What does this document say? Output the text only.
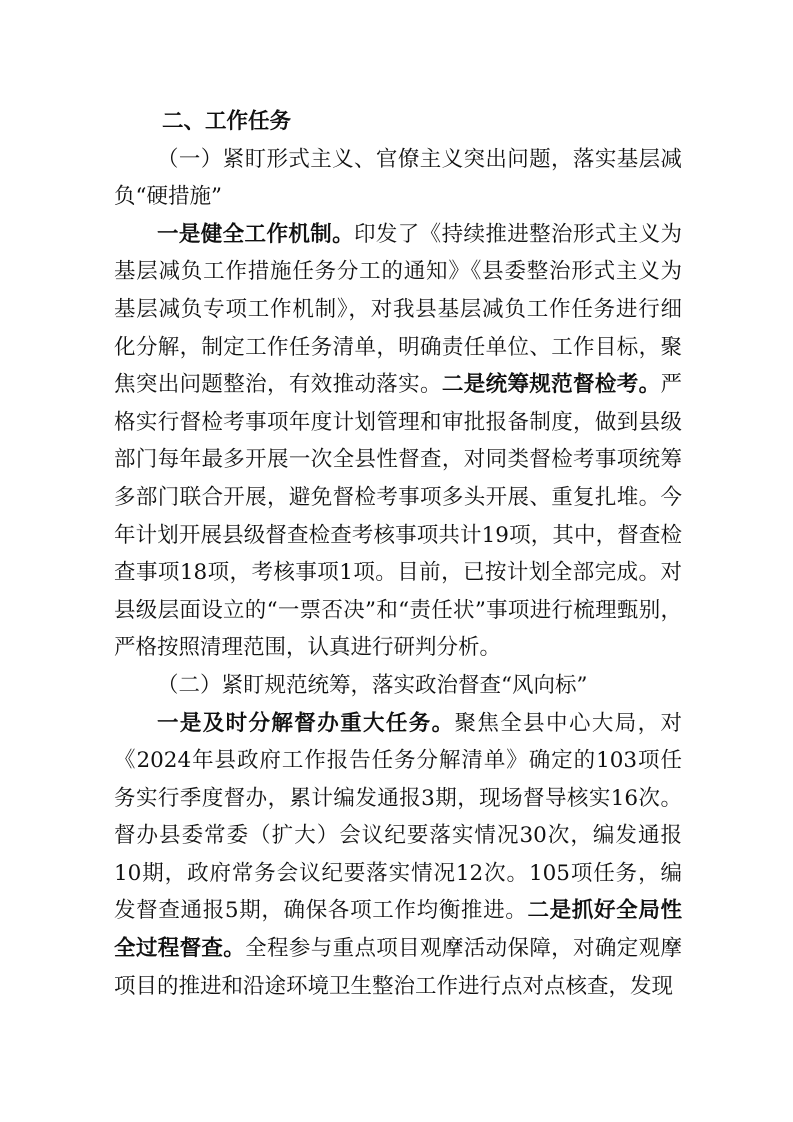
二、工作任务

（一）紧盯形式主义、官僚主义突出问题，落实基层减负“硬措施”

一是健全工作机制。印发了《持续推进整治形式主义为基层减负工作措施任务分工的通知》《县委整治形式主义为基层减负专项工作机制》，对我县基层减负工作任务进行细化分解，制定工作任务清单，明确责任单位、工作目标，聚焦突出问题整治，有效推动落实。二是统筹规范督检考。严格实行督检考事项年度计划管理和审批报备制度，做到县级部门每年最多开展一次全县性督查，对同类督检考事项统筹多部门联合开展，避免督检考事项多头开展、重复扎堆。今年计划开展县级督查检查考核事项共计19项，其中，督查检查事项18项，考核事项1项。目前，已按计划全部完成。对县级层面设立的“一票否决”和“责任状”事项进行梳理甄别，严格按照清理范围，认真进行研判分析。

（二）紧盯规范统筹，落实政治督查“风向标”

一是及时分解督办重大任务。聚焦全县中心大局，对《2024年县政府工作报告任务分解清单》确定的103项任务实行季度督办，累计编发通报3期，现场督导核实16次。督办县委常委（扩大）会议纪要落实情况30次，编发通报10期，政府常务会议纪要落实情况12次。105项任务，编发督查通报5期，确保各项工作均衡推进。二是抓好全局性全过程督查。全程参与重点项目观摩活动保障，对确定观摩项目的推进和沿途环境卫生整治工作进行点对点核查，发现
